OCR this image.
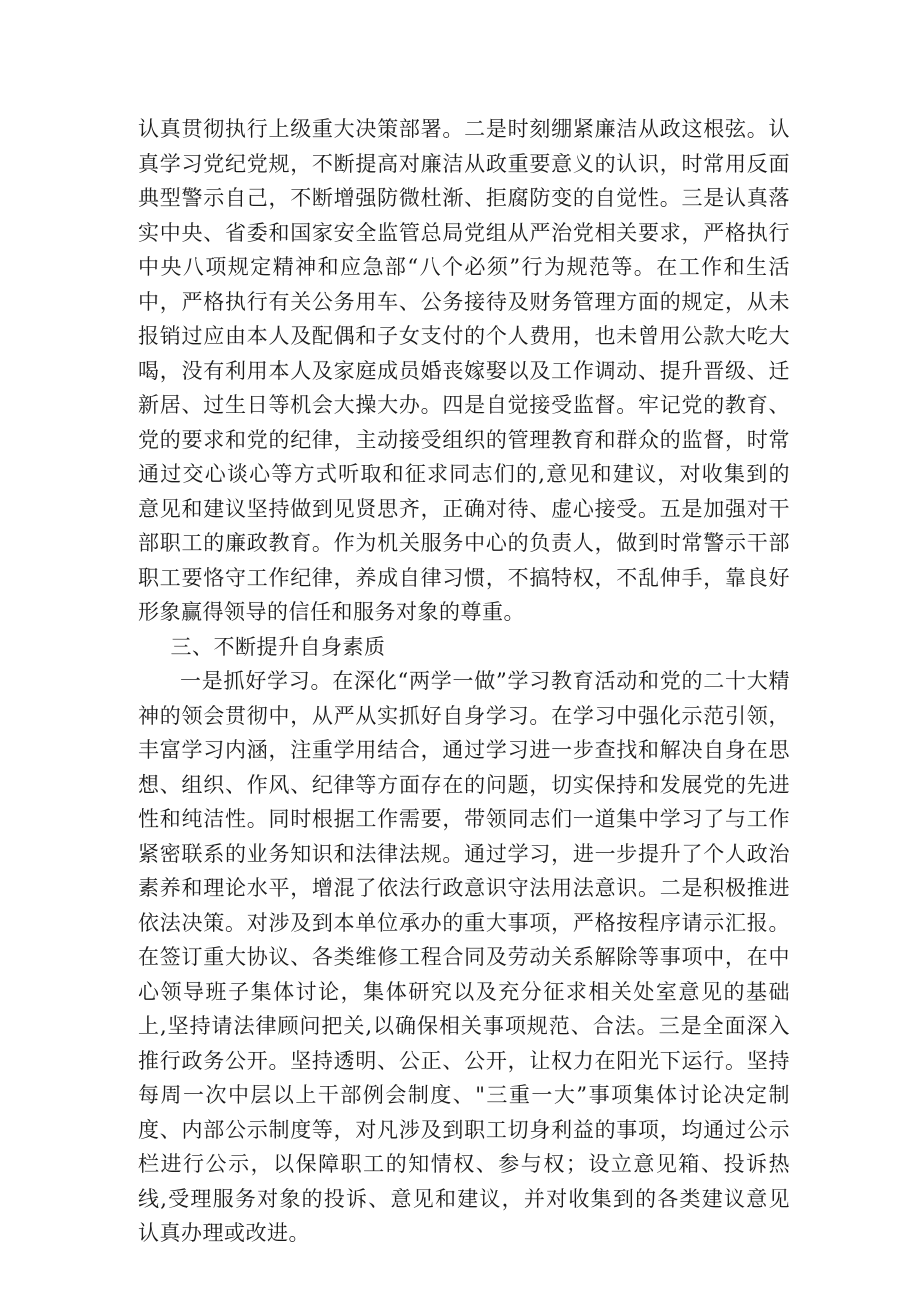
认真贯彻执行上级重大决策部署。二是时刻绷紧廉洁从政这根弦。认真学习党纪党规，不断提高对廉洁从政重要意义的认识，时常用反面典型警示自己，不断增强防微杜渐、拒腐防变的自觉性。三是认真落实中央、省委和国家安全监管总局党组从严治党相关要求，严格执行中央八项规定精神和应急部“八个必须”行为规范等。在工作和生活中，严格执行有关公务用车、公务接待及财务管理方面的规定，从未报销过应由本人及配偶和子女支付的个人费用，也未曾用公款大吃大喝，没有利用本人及家庭成员婚丧嫁娶以及工作调动、提升晋级、迁新居、过生日等机会大操大办。四是自觉接受监督。牢记党的教育、党的要求和党的纪律，主动接受组织的管理教育和群众的监督，时常通过交心谈心等方式听取和征求同志们的,意见和建议，对收集到的意见和建议坚持做到见贤思齐，正确对待、虚心接受。五是加强对干部职工的廉政教育。作为机关服务中心的负责人，做到时常警示干部职工要恪守工作纪律，养成自律习惯，不搞特权，不乱伸手，靠良好形象赢得领导的信任和服务对象的尊重。

三、不断提升自身素质

一是抓好学习。在深化“两学一做”学习教育活动和党的二十大精神的领会贯彻中，从严从实抓好自身学习。在学习中强化示范引领，丰富学习内涵，注重学用结合，通过学习进一步查找和解决自身在思想、组织、作风、纪律等方面存在的问题，切实保持和发展党的先进性和纯洁性。同时根据工作需要，带领同志们一道集中学习了与工作紧密联系的业务知识和法律法规。通过学习，进一步提升了个人政治素养和理论水平，增混了依法行政意识守法用法意识。二是积极推进依法决策。对涉及到本单位承办的重大事项，严格按程序请示汇报。在签订重大协议、各类维修工程合同及劳动关系解除等事项中，在中心领导班子集体讨论，集体研究以及充分征求相关处室意见的基础上,坚持请法律顾问把关,以确保相关事项规范、合法。三是全面深入推行政务公开。坚持透明、公正、公开，让权力在阳光下运行。坚持每周一次中层以上干部例会制度、"三重一大”事项集体讨论决定制度、内部公示制度等，对凡涉及到职工切身利益的事项，均通过公示栏进行公示，以保障职工的知情权、参与权；设立意见箱、投诉热线,受理服务对象的投诉、意见和建议，并对收集到的各类建议意见认真办理或改进。
